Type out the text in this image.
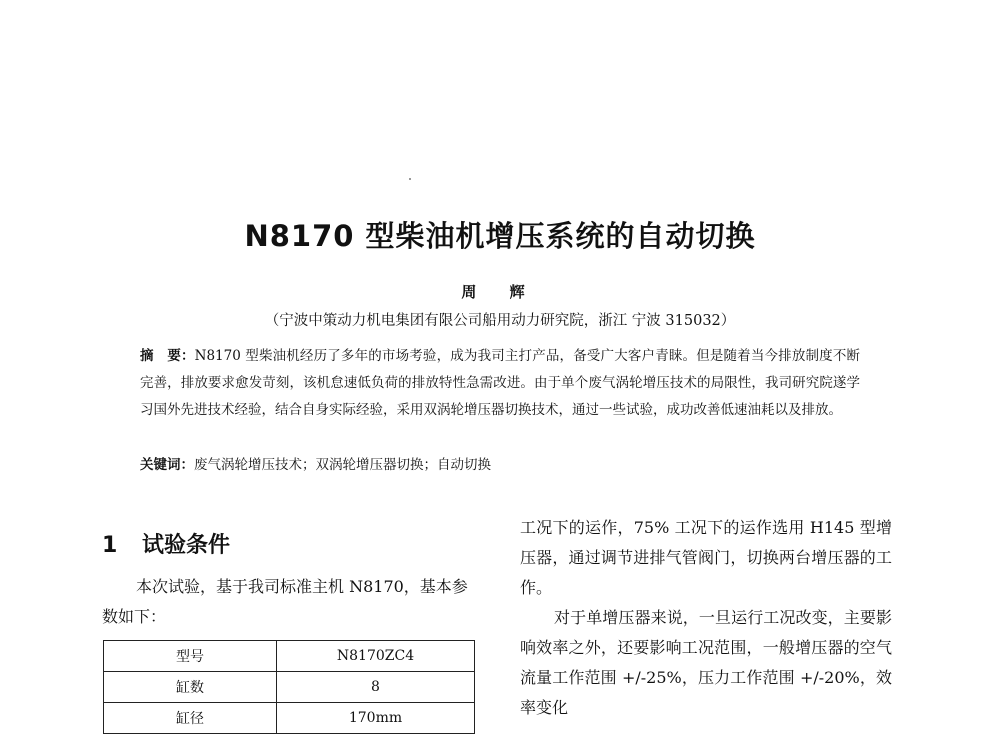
N8170 型柴油机增压系统的自动切换
周 辉
（宁波中策动力机电集团有限公司船用动力研究院，浙江 宁波 315032）
摘　要：N8170 型柴油机经历了多年的市场考验，成为我司主打产品，备受广大客户青睐。但是随着当今排放制度不断完善，排放要求愈发苛刻，该机怠速低负荷的排放特性急需改进。由于单个废气涡轮增压技术的局限性，我司研究院遂学习国外先进技术经验，结合自身实际经验，采用双涡轮增压器切换技术，通过一些试验，成功改善低速油耗以及排放。
关键词：废气涡轮增压技术；双涡轮增压器切换；自动切换
1 试验条件
本次试验，基于我司标准主机 N8170，基本参数如下：
型号	N8170ZC4
缸数	8
缸径	170mm

工况下的运作，75% 工况下的运作选用 H145 型增压器，通过调节进排气管阀门，切换两台增压器的工作。

对于单增压器来说，一旦运行工况改变，主要影响效率之外，还要影响工况范围，一般增压器的空气流量工作范围 +/-25%，压力工作范围 +/-20%，效率变化
